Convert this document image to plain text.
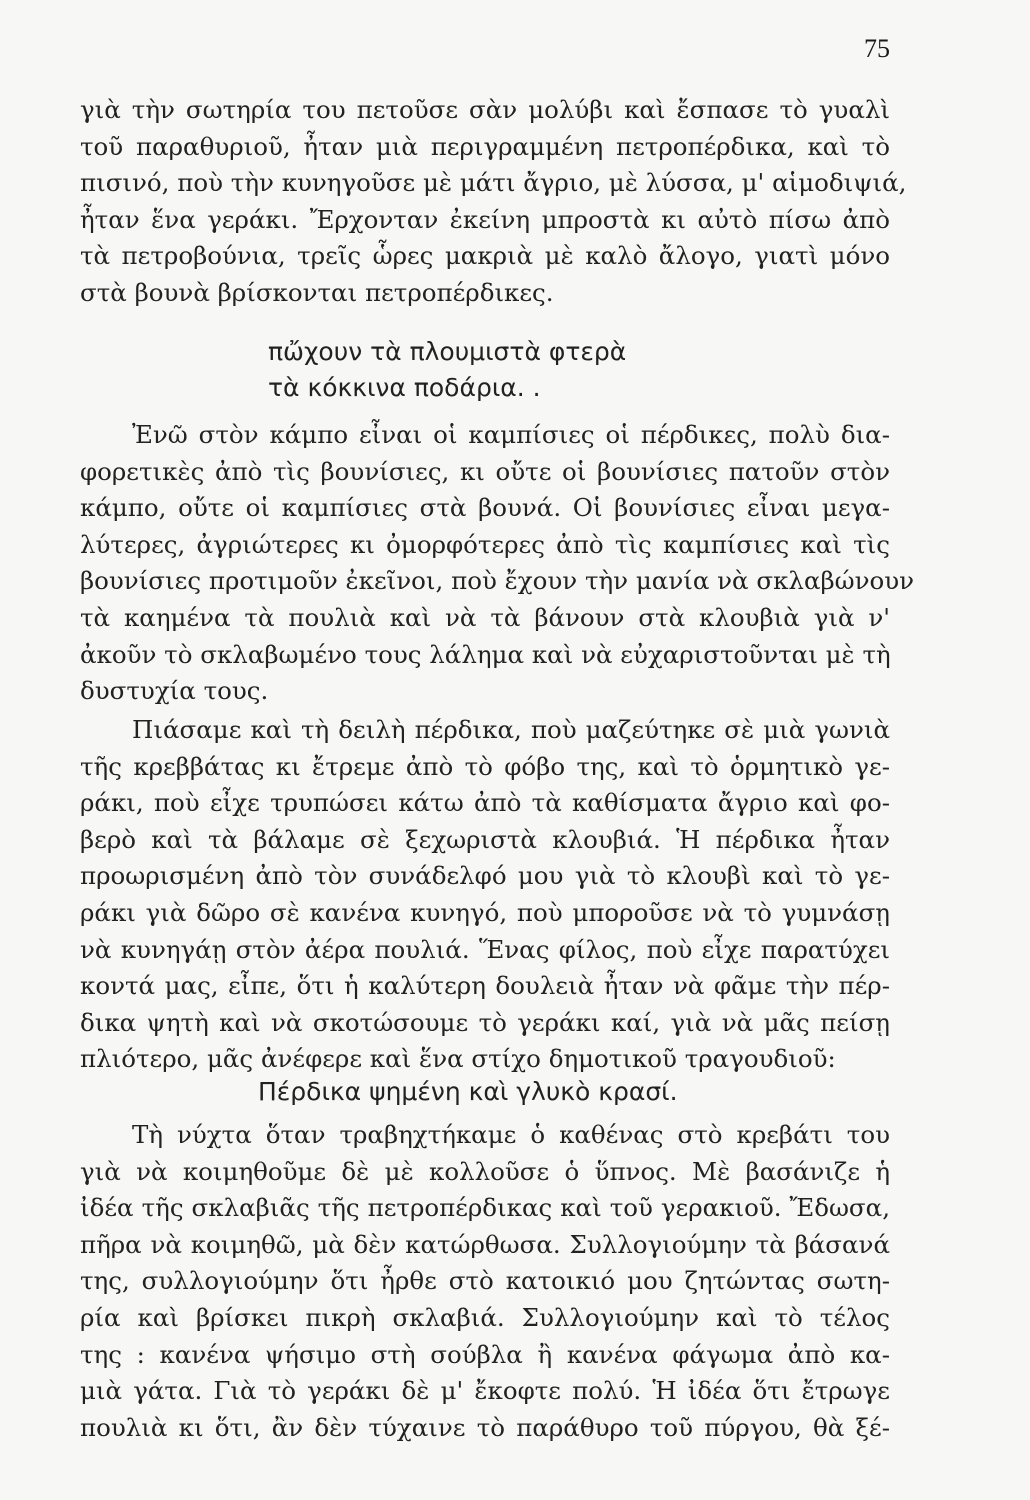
75
γιὰ τὴν σωτηρία του πετοῦσε σὰν μολύβι καὶ ἔσπασε τὸ γυαλὶ
τοῦ παραθυριοῦ, ἦταν μιὰ περιγραμμένη πετροπέρδικα, καὶ τὸ
πισινό, ποὺ τὴν κυνηγοῦσε μὲ μάτι ἄγριο, μὲ λύσσα, μ' αἱμοδιψιά,
ἦταν ἕνα γεράκι. Ἔρχονταν ἐκείνη μπροστὰ κι αὐτὸ πίσω ἀπὸ
τὰ πετροβούνια, τρεῖς ὧρες μακριὰ μὲ καλὸ ἄλογο, γιατὶ μόνο
στὰ βουνὰ βρίσκονται πετροπέρδικες.
πὤχουν τὰ πλουμιστὰ φτερὰ
τὰ κόκκινα ποδάρια. .
Ἐνῶ στὸν κάμπο εἶναι οἱ καμπίσιες οἱ πέρδικες, πολὺ δια-
φορετικὲς ἀπὸ τὶς βουνίσιες, κι οὔτε οἱ βουνίσιες πατοῦν στὸν
κάμπο, οὔτε οἱ καμπίσιες στὰ βουνά. Οἱ βουνίσιες εἶναι μεγα-
λύτερες, ἀγριώτερες κι ὀμορφότερες ἀπὸ τὶς καμπίσιες καὶ τὶς
βουνίσιες προτιμοῦν ἐκεῖνοι, ποὺ ἔχουν τὴν μανία νὰ σκλαβώνουν
τὰ καημένα τὰ πουλιὰ καὶ νὰ τὰ βάνουν στὰ κλουβιὰ γιὰ ν'
ἀκοῦν τὸ σκλαβωμένο τους λάλημα καὶ νὰ εὐχαριστοῦνται μὲ τὴ
δυστυχία τους.
Πιάσαμε καὶ τὴ δειλὴ πέρδικα, ποὺ μαζεύτηκε σὲ μιὰ γωνιὰ
τῆς κρεββάτας κι ἔτρεμε ἀπὸ τὸ φόβο της, καὶ τὸ ὁρμητικὸ γε-
ράκι, ποὺ εἶχε τρυπώσει κάτω ἀπὸ τὰ καθίσματα ἄγριο καὶ φο-
βερὸ καὶ τὰ βάλαμε σὲ ξεχωριστὰ κλουβιά. Ἡ πέρδικα ἦταν
προωρισμένη ἀπὸ τὸν συνάδελφό μου γιὰ τὸ κλουβὶ καὶ τὸ γε-
ράκι γιὰ δῶρο σὲ κανένα κυνηγό, ποὺ μποροῦσε νὰ τὸ γυμνάσῃ
νὰ κυνηγάῃ στὸν ἀέρα πουλιά. Ἕνας φίλος, ποὺ εἶχε παρατύχει
κοντά μας, εἶπε, ὅτι ἡ καλύτερη δουλειὰ ἦταν νὰ φᾶμε τὴν πέρ-
δικα ψητὴ καὶ νὰ σκοτώσουμε τὸ γεράκι καί, γιὰ νὰ μᾶς πείσῃ
πλιότερο, μᾶς ἀνέφερε καὶ ἕνα στίχο δημοτικοῦ τραγουδιοῦ:
Πέρδικα ψημένη καὶ γλυκὸ κρασί.
Τὴ νύχτα ὅταν τραβηχτήκαμε ὁ καθένας στὸ κρεβάτι του
γιὰ νὰ κοιμηθοῦμε δὲ μὲ κολλοῦσε ὁ ὕπνος. Μὲ βασάνιζε ἡ
ἰδέα τῆς σκλαβιᾶς τῆς πετροπέρδικας καὶ τοῦ γερακιοῦ. Ἔδωσα,
πῆρα νὰ κοιμηθῶ, μὰ δὲν κατώρθωσα. Συλλογιούμην τὰ βάσανά
της, συλλογιούμην ὅτι ἦρθε στὸ κατοικιό μου ζητώντας σωτη-
ρία καὶ βρίσκει πικρὴ σκλαβιά. Συλλογιούμην καὶ τὸ τέλος
της : κανένα ψήσιμο στὴ σούβλα ἢ κανένα φάγωμα ἀπὸ κα-
μιὰ γάτα. Γιὰ τὸ γεράκι δὲ μ' ἔκοφτε πολύ. Ἡ ἰδέα ὅτι ἔτρωγε
πουλιὰ κι ὅτι, ἂν δὲν τύχαινε τὸ παράθυρο τοῦ πύργου, θὰ ξέ-
